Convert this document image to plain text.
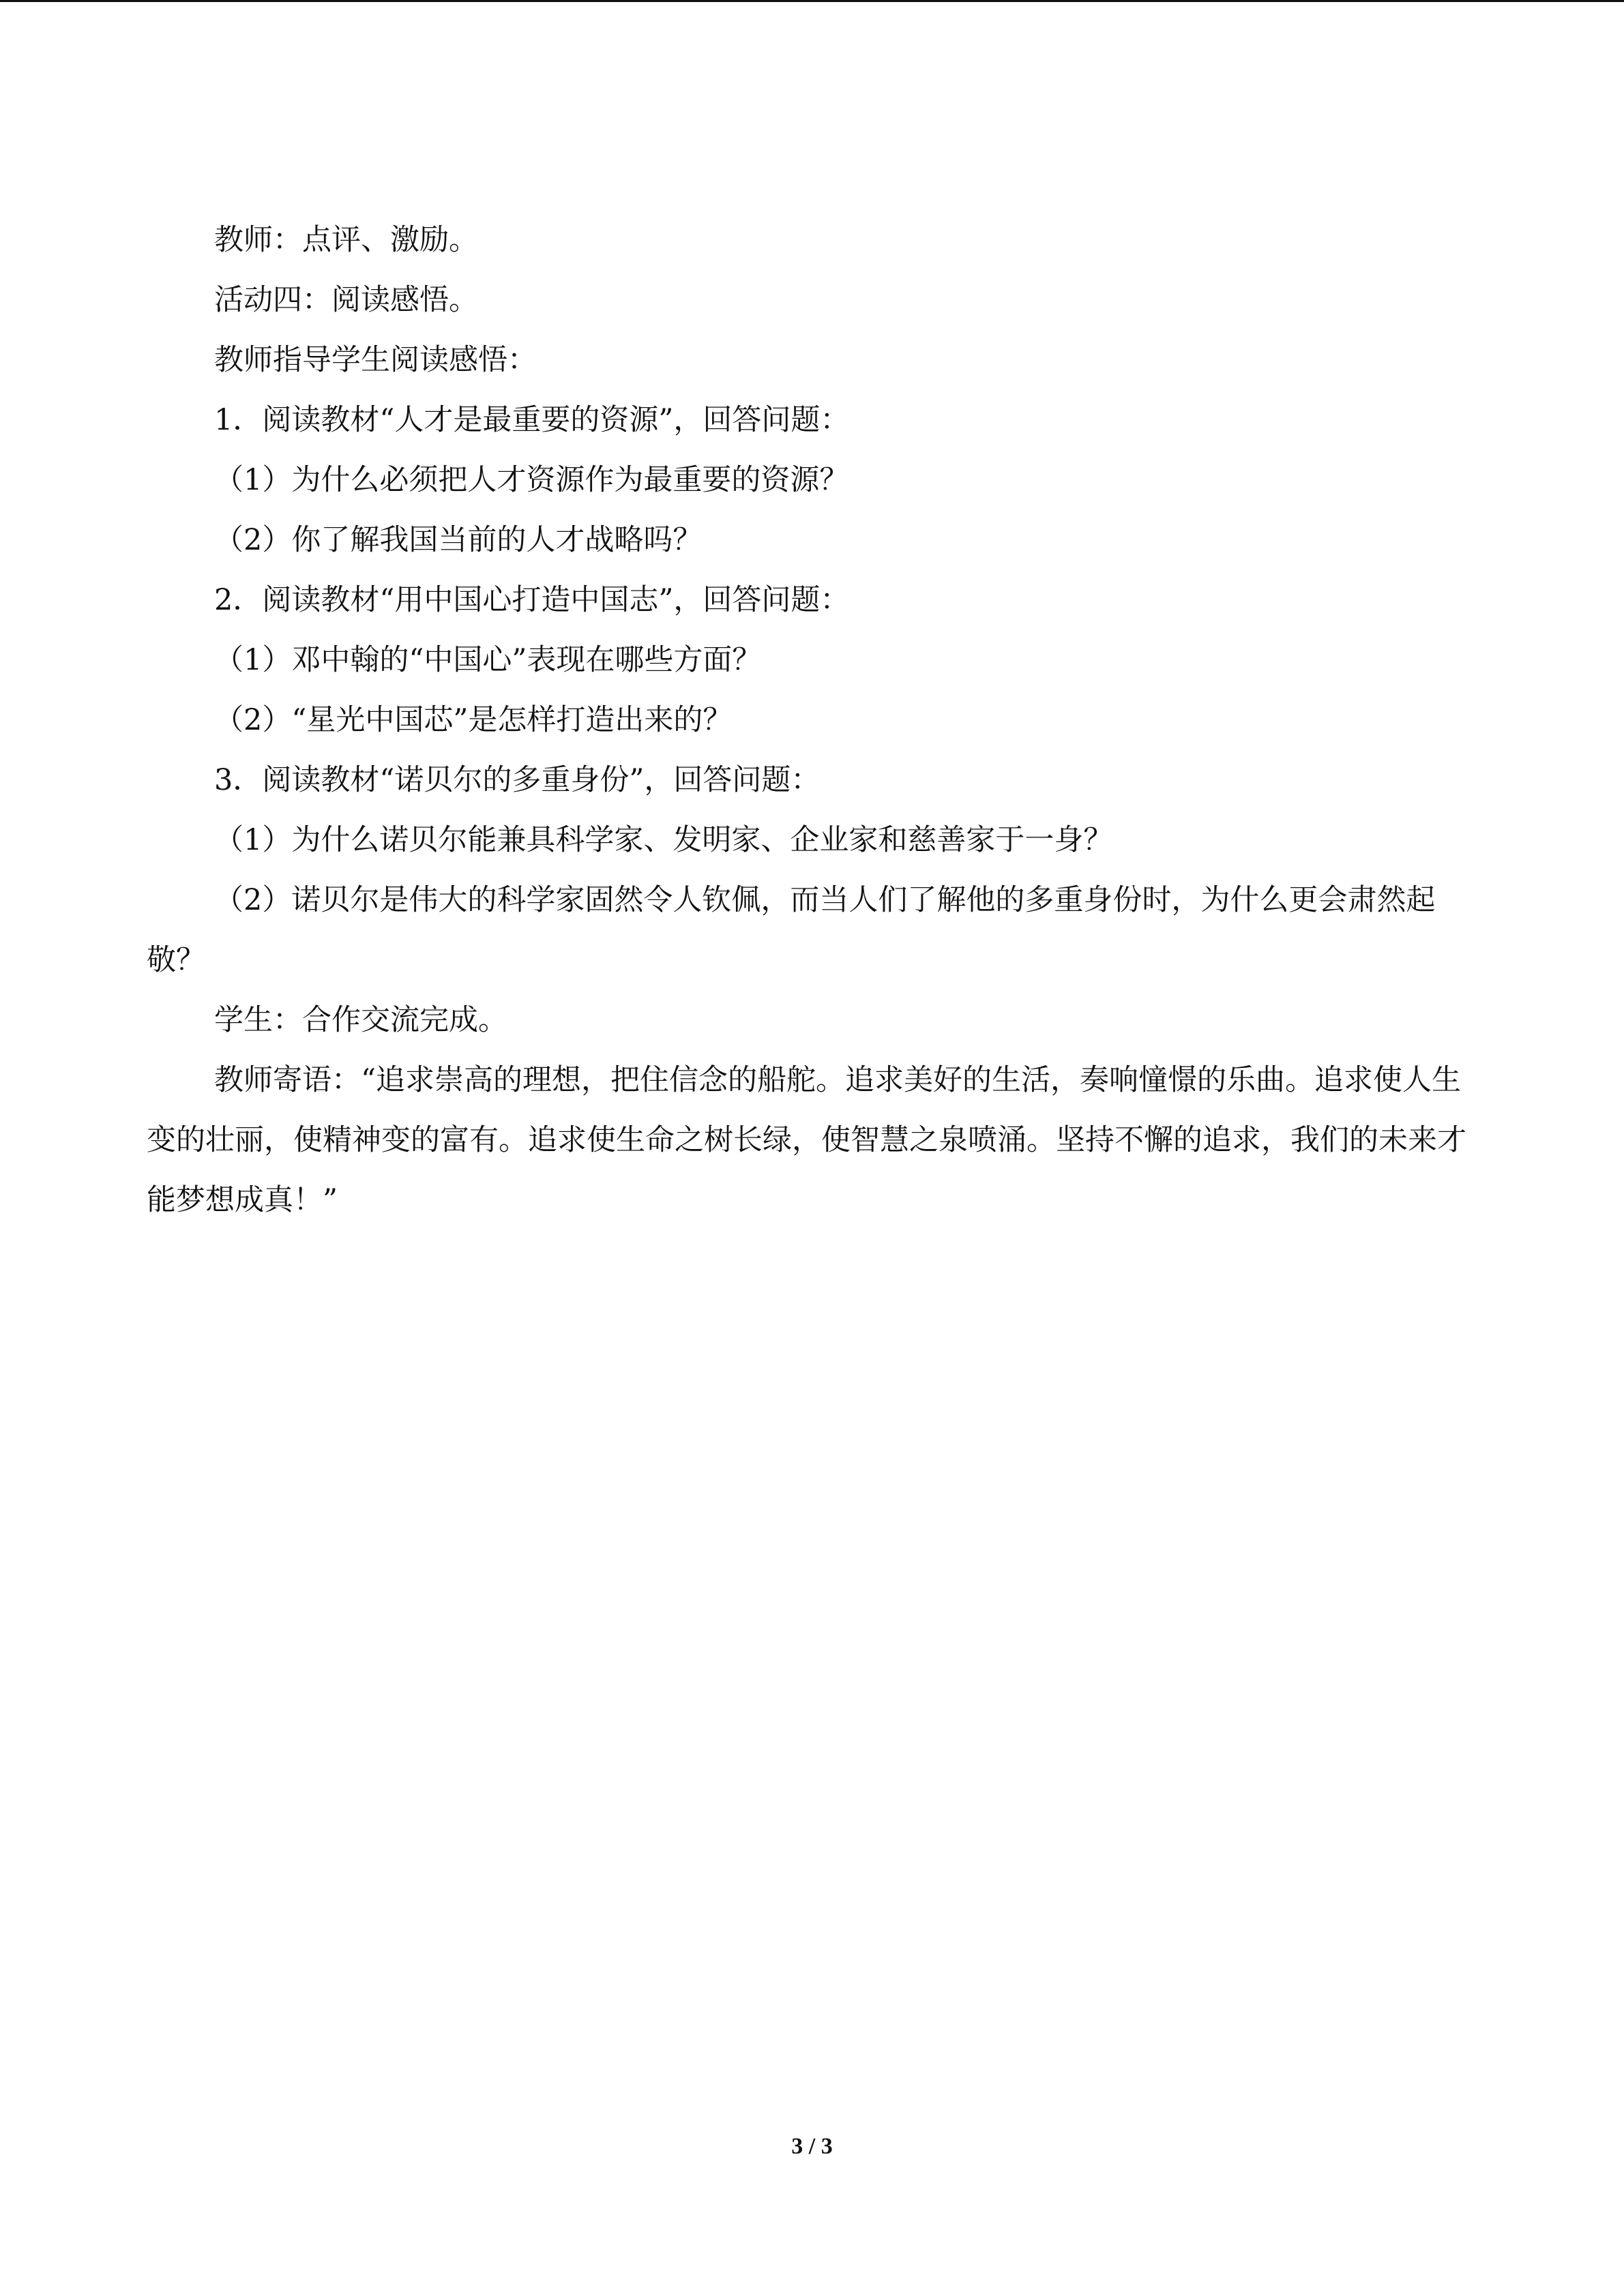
教师：点评、激励。

活动四：阅读感悟。

教师指导学生阅读感悟：

1．阅读教材“人才是最重要的资源”，回答问题：

（1）为什么必须把人才资源作为最重要的资源？

（2）你了解我国当前的人才战略吗？

2．阅读教材“用中国心打造中国志”，回答问题：

（1）邓中翰的“中国心”表现在哪些方面？

（2）“星光中国芯”是怎样打造出来的？

3．阅读教材“诺贝尔的多重身份”，回答问题：

（1）为什么诺贝尔能兼具科学家、发明家、企业家和慈善家于一身？

（2）诺贝尔是伟大的科学家固然令人钦佩，而当人们了解他的多重身份时，为什么更会肃然起敬？

学生：合作交流完成。

教师寄语：“追求崇高的理想，把住信念的船舵。追求美好的生活，奏响憧憬的乐曲。追求使人生变的壮丽，使精神变的富有。追求使生命之树长绿，使智慧之泉喷涌。坚持不懈的追求，我们的未来才能梦想成真！”

3 / 3
